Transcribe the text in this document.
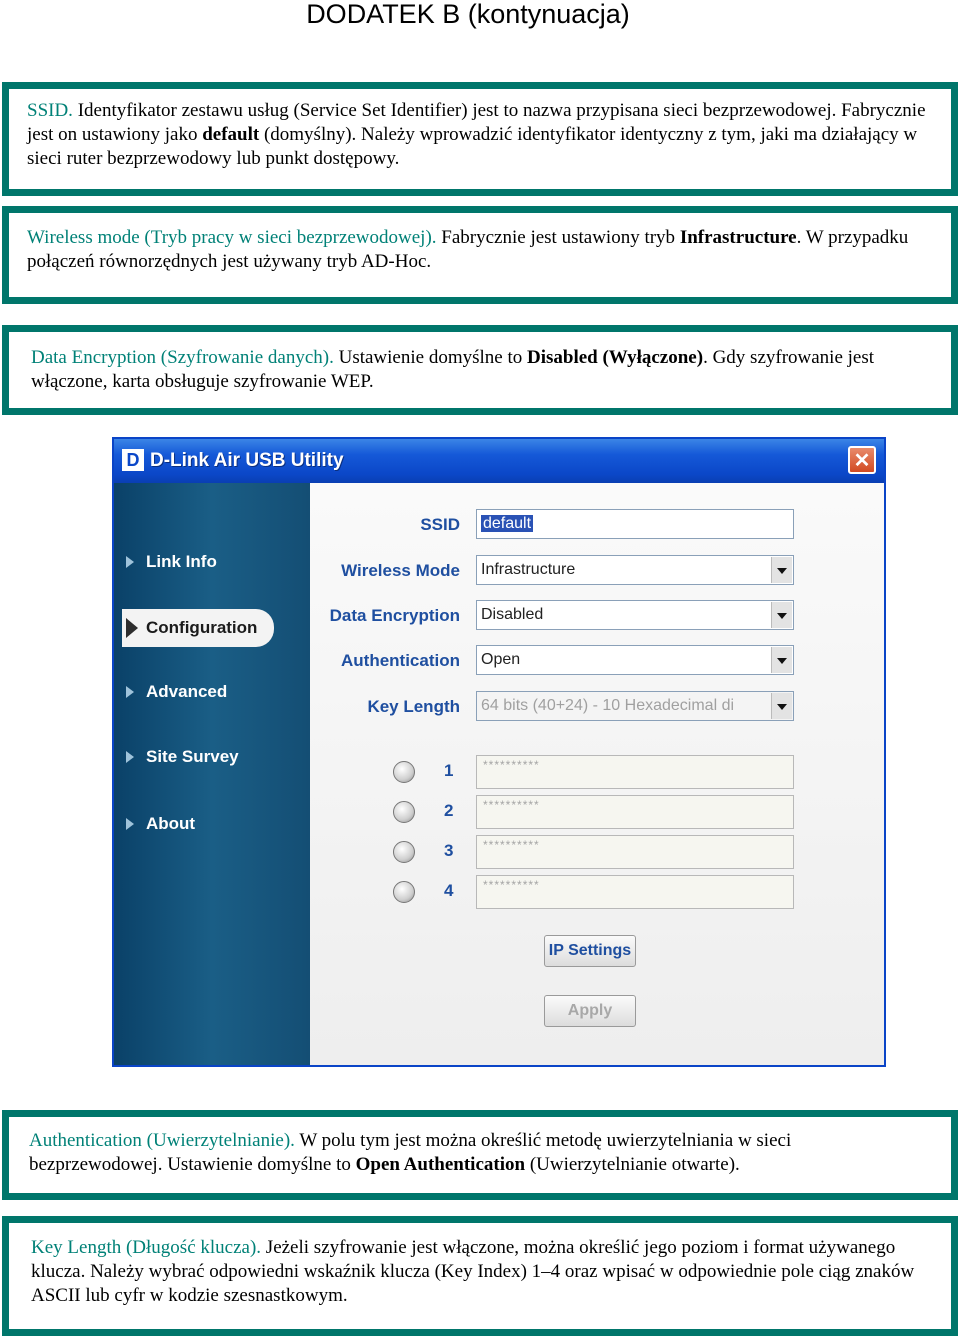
DODATEK B (kontynuacja)
SSID. Identyfikator zestawu usług (Service Set Identifier) jest to nazwa przypisana sieci bezprzewodowej. Fabrycznie jest on ustawiony jako default (domyślny). Należy wprowadzić identyfikator identyczny z tym, jaki ma działający w sieci ruter bezprzewodowy lub punkt dostępowy.
Wireless mode (Tryb pracy w sieci bezprzewodowej). Fabrycznie jest ustawiony tryb Infrastructure. W przypadku połączeń równorzędnych jest używany tryb AD-Hoc.
Data Encryption (Szyfrowanie danych). Ustawienie domyślne to Disabled (Wyłączone). Gdy szyfrowanie jest włączone, karta obsługuje szyfrowanie WEP.
D D-Link Air USB Utility	✕
Link Info
Configuration
Advanced
Site Survey
About
SSID	default
Wireless Mode	Infrastructure
Data Encryption	Disabled
Authentication	Open
Key Length	64 bits (40+24) - 10 Hexadecimal di
1	**********
2	**********
3	**********
4	**********
IP Settings
Apply
Authentication (Uwierzytelnianie). W polu tym jest można określić metodę uwierzytelniania w sieci bezprzewodowej. Ustawienie domyślne to Open Authentication (Uwierzytelnianie otwarte).
Key Length (Długość klucza). Jeżeli szyfrowanie jest włączone, można określić jego poziom i format używanego klucza. Należy wybrać odpowiedni wskaźnik klucza (Key Index) 1–4 oraz wpisać w odpowiednie pole ciąg znaków ASCII lub cyfr w kodzie szesnastkowym.
